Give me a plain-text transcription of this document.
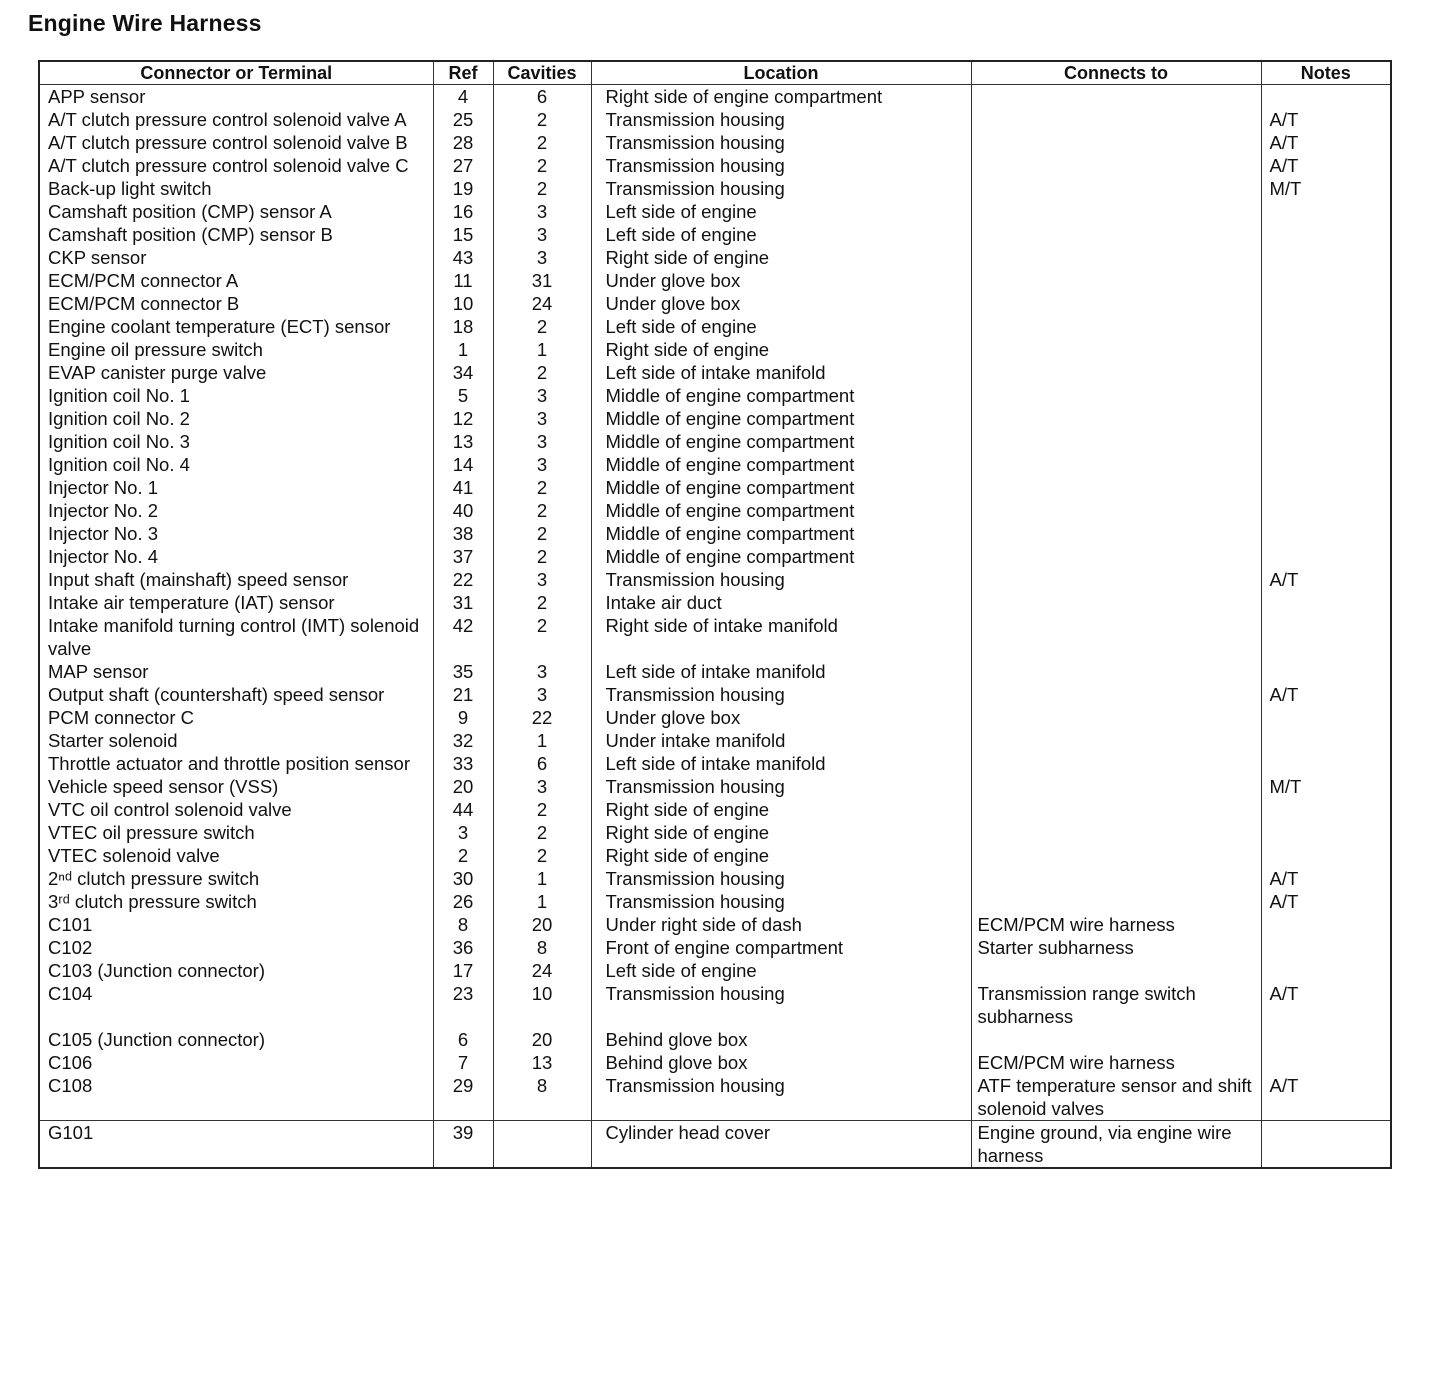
Engine Wire Harness
Connector or Terminal	Ref	Cavities	Location	Connects to	Notes
APP sensor	4	6	Right side of engine compartment		
A/T clutch pressure control solenoid valve A	25	2	Transmission housing		A/T
A/T clutch pressure control solenoid valve B	28	2	Transmission housing		A/T
A/T clutch pressure control solenoid valve C	27	2	Transmission housing		A/T
Back-up light switch	19	2	Transmission housing		M/T
Camshaft position (CMP) sensor A	16	3	Left side of engine		
Camshaft position (CMP) sensor B	15	3	Left side of engine		
CKP sensor	43	3	Right side of engine		
ECM/PCM connector A	11	31	Under glove box		
ECM/PCM connector B	10	24	Under glove box		
Engine coolant temperature (ECT) sensor	18	2	Left side of engine		
Engine oil pressure switch	1	1	Right side of engine		
EVAP canister purge valve	34	2	Left side of intake manifold		
Ignition coil No. 1	5	3	Middle of engine compartment		
Ignition coil No. 2	12	3	Middle of engine compartment		
Ignition coil No. 3	13	3	Middle of engine compartment		
Ignition coil No. 4	14	3	Middle of engine compartment		
Injector No. 1	41	2	Middle of engine compartment		
Injector No. 2	40	2	Middle of engine compartment		
Injector No. 3	38	2	Middle of engine compartment		
Injector No. 4	37	2	Middle of engine compartment		
Input shaft (mainshaft) speed sensor	22	3	Transmission housing		A/T
Intake air temperature (IAT) sensor	31	2	Intake air duct		
Intake manifold turning control (IMT) solenoid valve	42	2	Right side of intake manifold		
MAP sensor	35	3	Left side of intake manifold		
Output shaft (countershaft) speed sensor	21	3	Transmission housing		A/T
PCM connector C	9	22	Under glove box		
Starter solenoid	32	1	Under intake manifold		
Throttle actuator and throttle position sensor	33	6	Left side of intake manifold		
Vehicle speed sensor (VSS)	20	3	Transmission housing		M/T
VTC oil control solenoid valve	44	2	Right side of engine		
VTEC oil pressure switch	3	2	Right side of engine		
VTEC solenoid valve	2	2	Right side of engine		
2ⁿᵈ clutch pressure switch	30	1	Transmission housing		A/T
3ʳᵈ clutch pressure switch	26	1	Transmission housing		A/T
C101	8	20	Under right side of dash	ECM/PCM wire harness	
C102	36	8	Front of engine compartment	Starter subharness	
C103 (Junction connector)	17	24	Left side of engine		
C104	23	10	Transmission housing	Transmission range switch subharness	A/T
C105 (Junction connector)	6	20	Behind glove box		
C106	7	13	Behind glove box	ECM/PCM wire harness	
C108	29	8	Transmission housing	ATF temperature sensor and shift solenoid valves	A/T
G101	39		Cylinder head cover	Engine ground, via engine wire harness	
